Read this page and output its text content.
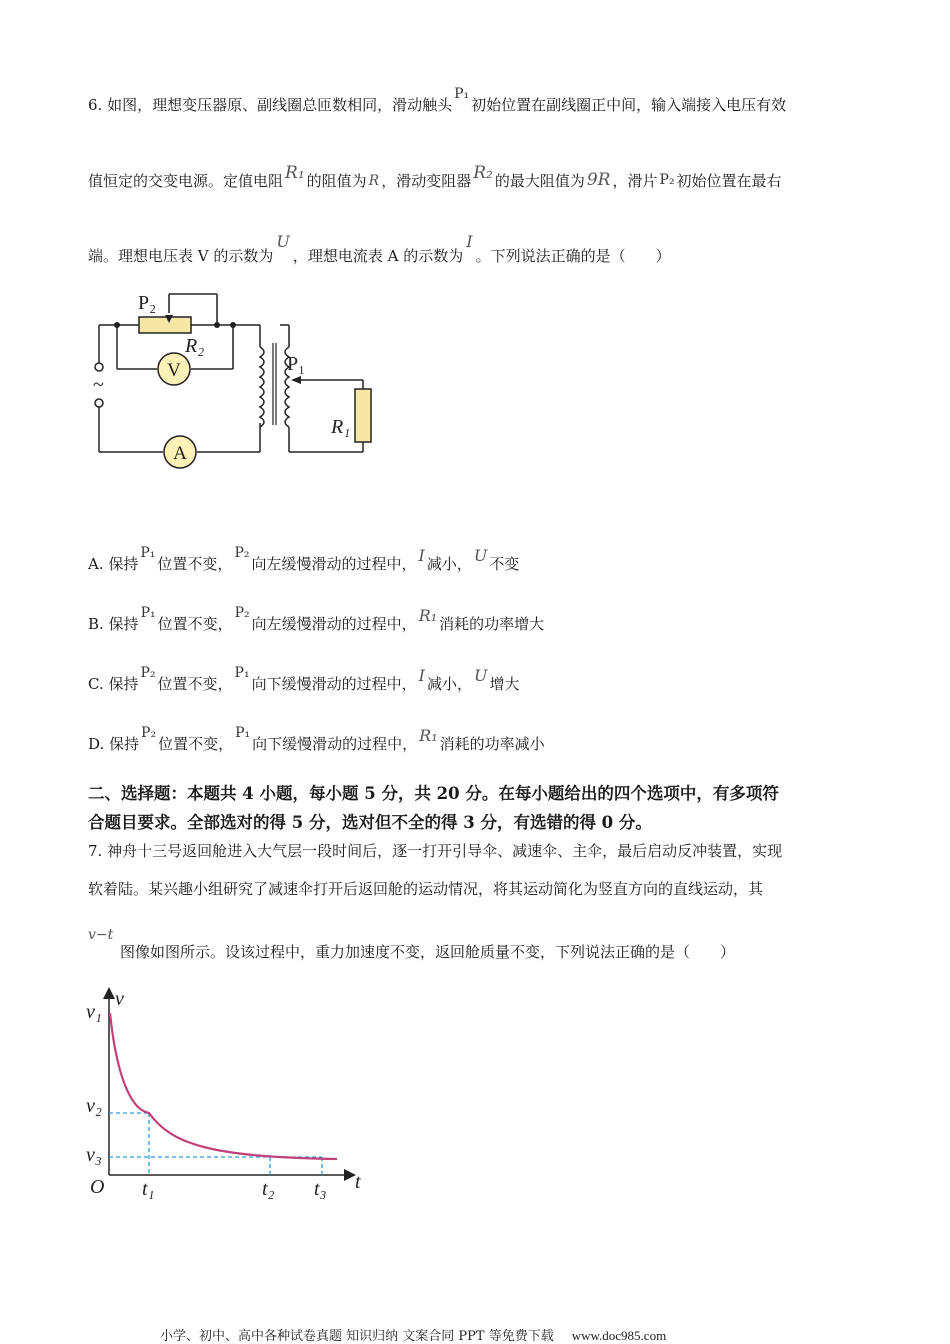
6. 如图，理想变压器原、副线圈总匝数相同，滑动触头P₁初始位置在副线圈正中间，输入端接入电压有效
值恒定的交变电源。定值电阻 R₁ 的阻值为 R ，滑动变阻器 R₂ 的最大阻值为 9R ，滑片 P₂ 初始位置在最右
端。理想电压表 V 的示数为U，理想电流表 A 的示数为I。下列说法正确的是（　　）
V
A
P₂
R₂
P₁
R₁
~
A. 保持P₁位置不变，P₂向左缓慢滑动的过程中， I 减小， U 不变
B. 保持P₁位置不变，P₂向左缓慢滑动的过程中， R₁ 消耗的功率增大
C. 保持P₂位置不变，P₁向下缓慢滑动的过程中， I 减小， U 增大
D. 保持P₂位置不变，P₁向下缓慢滑动的过程中， R₁ 消耗的功率减小
二、选择题：本题共 4 小题，每小题 5 分，共 20 分。在每小题给出的四个选项中，有多项符
合题目要求。全部选对的得 5 分，选对但不全的得 3 分，有选错的得 0 分。
7. 神舟十三号返回舱进入大气层一段时间后，逐一打开引导伞、减速伞、主伞，最后启动反冲装置，实现
软着陆。某兴趣小组研究了减速伞打开后返回舱的运动情况，将其运动简化为竖直方向的直线运动，其
v−t
图像如图所示。设该过程中，重力加速度不变，返回舱质量不变，下列说法正确的是（　　）
v
v₁
v₂
v₃
O t₁	t₂ t₃ t
小学、初中、高中各种试卷真题 知识归纳 文案合同 PPT 等免费下载 www.doc985.com
